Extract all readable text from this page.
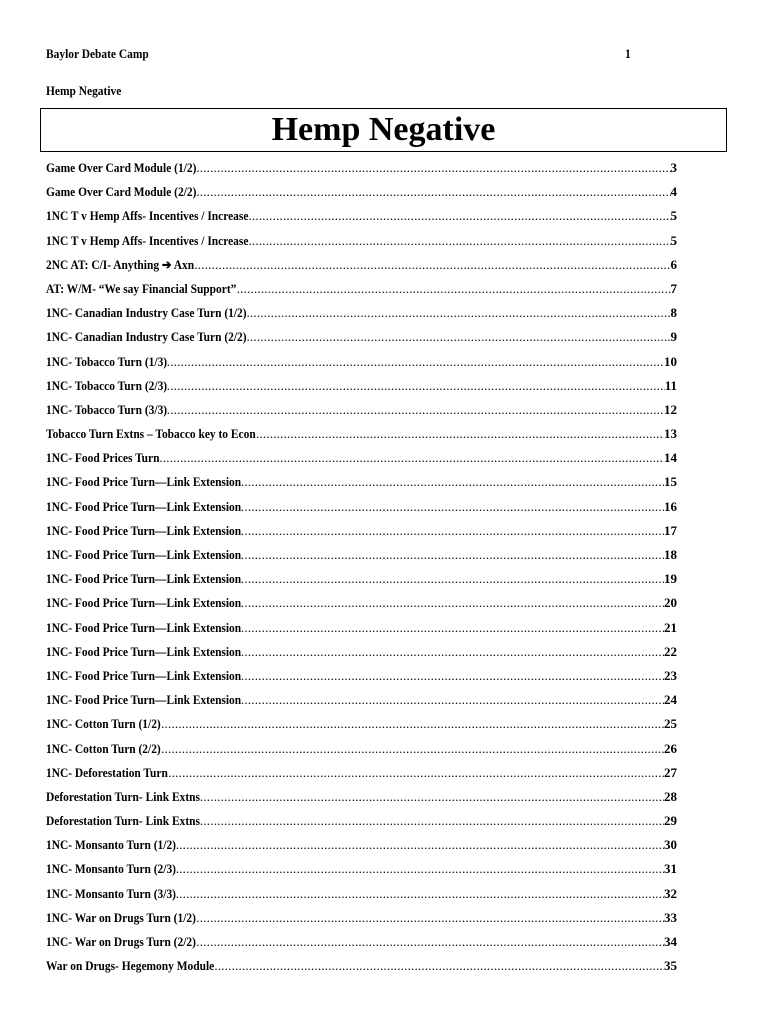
Baylor Debate Camp	1
Hemp Negative
Hemp Negative
Game Over Card Module (1/2) .....	3
Game Over Card Module (2/2) .....	4
1NC T v Hemp Affs- Incentives / Increase .....	5
1NC T v Hemp Affs- Incentives / Increase .....	5
2NC AT: C/I- Anything ➔ Axn .....	6
AT: W/M- “We say Financial Support” .....	7
1NC- Canadian Industry Case Turn (1/2) .....	8
1NC- Canadian Industry Case Turn (2/2) .....	9
1NC- Tobacco Turn (1/3) .....	10
1NC- Tobacco Turn (2/3) .....	11
1NC- Tobacco Turn (3/3) .....	12
Tobacco Turn Extns – Tobacco key to Econ .....	13
1NC- Food Prices Turn .....	14
1NC- Food Price Turn—Link Extension .....	15
1NC- Food Price Turn—Link Extension .....	16
1NC- Food Price Turn—Link Extension .....	17
1NC- Food Price Turn—Link Extension .....	18
1NC- Food Price Turn—Link Extension .....	19
1NC- Food Price Turn—Link Extension .....	20
1NC- Food Price Turn—Link Extension .....	21
1NC- Food Price Turn—Link Extension .....	22
1NC- Food Price Turn—Link Extension .....	23
1NC- Food Price Turn—Link Extension .....	24
1NC- Cotton Turn (1/2) .....	25
1NC- Cotton Turn (2/2) .....	26
1NC- Deforestation Turn .....	27
Deforestation Turn- Link Extns .....	28
Deforestation Turn- Link Extns .....	29
1NC- Monsanto Turn (1/2) .....	30
1NC- Monsanto Turn (2/3) .....	31
1NC- Monsanto Turn (3/3) .....	32
1NC- War on Drugs Turn (1/2) .....	33
1NC- War on Drugs Turn (2/2) .....	34
War on Drugs- Hegemony Module .....	35
